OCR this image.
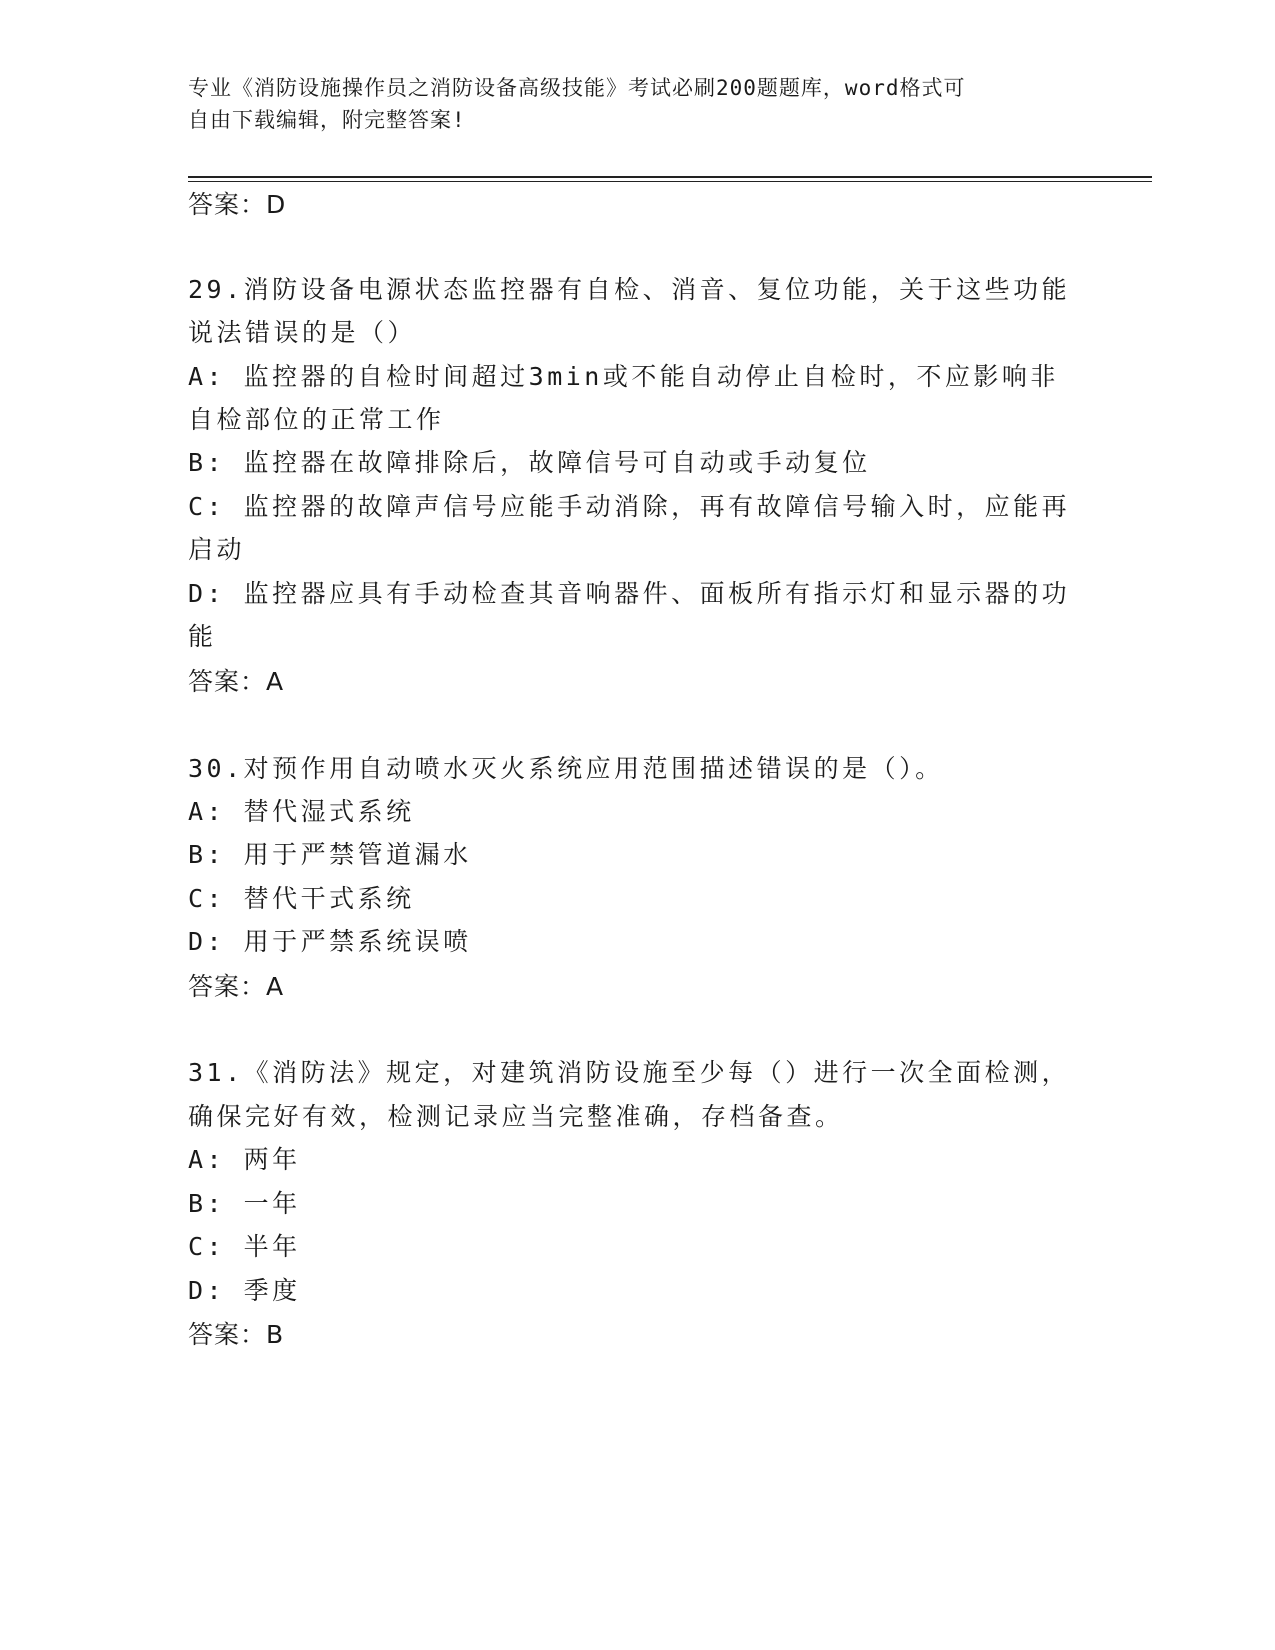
专业《消防设施操作员之消防设备高级技能》考试必刷200题题库，word格式可
自由下载编辑，附完整答案!
答案：D
29.消防设备电源状态监控器有自检、消音、复位功能，关于这些功能
说法错误的是（）
A: 监控器的自检时间超过3min或不能自动停止自检时，不应影响非
自检部位的正常工作
B: 监控器在故障排除后，故障信号可自动或手动复位
C: 监控器的故障声信号应能手动消除，再有故障信号输入时，应能再
启动
D: 监控器应具有手动检查其音响器件、面板所有指示灯和显示器的功
能
答案：A
30.对预作用自动喷水灭火系统应用范围描述错误的是（）。
A: 替代湿式系统
B: 用于严禁管道漏水
C: 替代干式系统
D: 用于严禁系统误喷
答案：A
31.《消防法》规定，对建筑消防设施至少每（）进行一次全面检测，
确保完好有效，检测记录应当完整准确，存档备查。
A: 两年
B: 一年
C: 半年
D: 季度
答案：B
